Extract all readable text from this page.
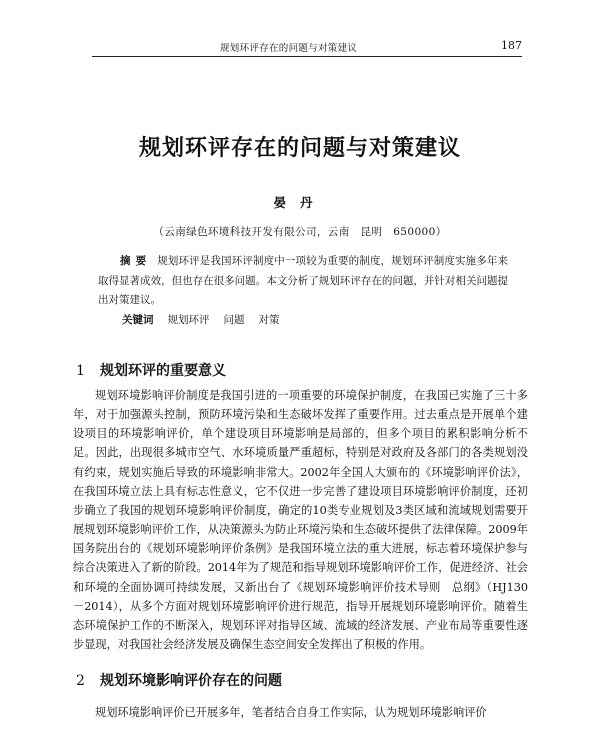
规划环评存在的问题与对策建议	187
规划环评存在的问题与对策建议
晏丹
（云南绿色环境科技开发有限公司，云南　昆明　650000）
摘要 规划环评是我国环评制度中一项较为重要的制度，规划环评制度实施多年来取得显著成效，但也存在很多问题。本文分析了规划环评存在的问题，并针对相关问题提出对策建议。
关键词 规划环评 问题 对策
1 规划环评的重要意义
规划环境影响评价制度是我国引进的一项重要的环境保护制度，在我国已实施了三十多年，对于加强源头控制，预防环境污染和生态破坏发挥了重要作用。过去重点是开展单个建设项目的环境影响评价，单个建设项目环境影响是局部的，但多个项目的累积影响分析不足。因此，出现很多城市空气、水环境质量严重超标，特别是对政府及各部门的各类规划没有约束，规划实施后导致的环境影响非常大。2002年全国人大颁布的《环境影响评价法》，在我国环境立法上具有标志性意义，它不仅进一步完善了建设项目环境影响评价制度，还初步确立了我国的规划环境影响评价制度，确定的10类专业规划及3类区域和流域规划需要开展规划环境影响评价工作，从决策源头为防止环境污染和生态破坏提供了法律保障。2009年国务院出台的《规划环境影响评价条例》是我国环境立法的重大进展，标志着环境保护参与综合决策进入了新的阶段。2014年为了规范和指导规划环境影响评价工作，促进经济、社会和环境的全面协调可持续发展，又新出台了《规划环境影响评价技术导则　总纲》（HJ130－2014），从多个方面对规划环境影响评价进行规范，指导开展规划环境影响评价。随着生态环境保护工作的不断深入，规划环评对指导区域、流域的经济发展、产业布局等重要性逐步显现，对我国社会经济发展及确保生态空间安全发挥出了积极的作用。
2 规划环境影响评价存在的问题
规划环境影响评价已开展多年，笔者结合自身工作实际，认为规划环境影响评价
